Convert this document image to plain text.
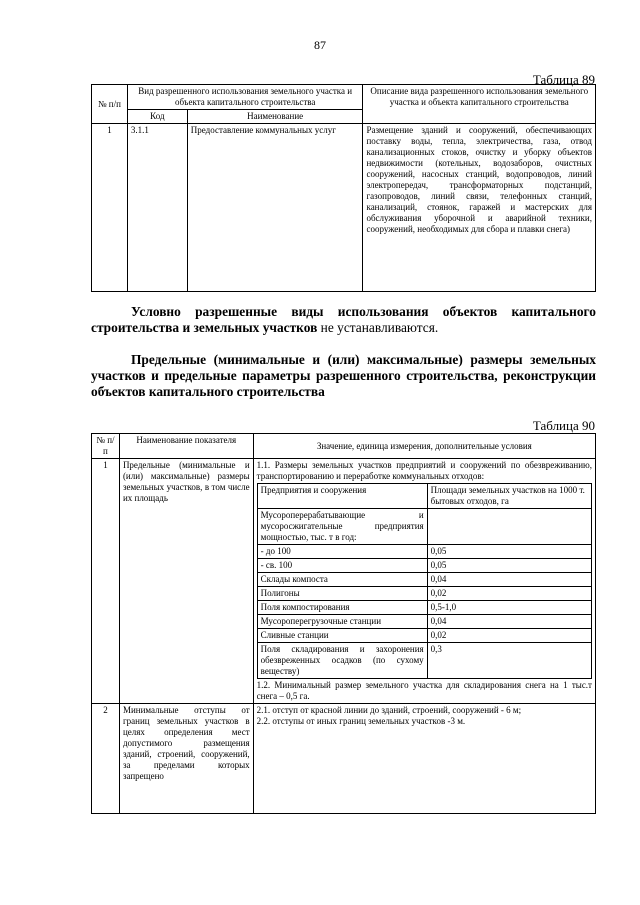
87
Таблица 89
№ п/п	Вид разрешенного использования земельного участка и объекта капитального строительства		Описание вида разрешенного использования земельного участка и объекта капитального строительства
	Код	Наименование	
1	3.1.1	Предоставление коммунальных услуг	Размещение зданий и сооружений, обеспечивающих поставку воды, тепла, электричества, газа, отвод канализационных стоков, очистку и уборку объектов недвижимости (котельных, водозаборов, очистных сооружений, насосных станций, водопроводов, линий электропередач, трансформаторных подстанций, газопроводов, линий связи, телефонных станций, канализаций, стоянок, гаражей и мастерских для обслуживания уборочной и аварийной техники, сооружений, необходимых для сбора и плавки снега)
Условно разрешенные виды использования объектов капитального строительства и земельных участков не устанавливаются.
Предельные (минимальные и (или) максимальные) размеры земельных участков и предельные параметры разрешенного строительства, реконструкции объектов капитального строительства
Таблица 90
№ п/п	Наименование показателя	Значение, единица измерения, дополнительные условия
1	Предельные (минимальные и (или) максимальные) размеры земельных участков, в том числе их площадь	
1.1. Размеры земельных участков предприятий и сооружений по обезвреживанию, транспортированию и переработке коммунальных отходов:
Предприятия и сооружения	Площади земельных участков на 1000 т. бытовых отходов, га
Мусороперерабатывающие и мусоросжигательные предприятия мощностью, тыс. т в год:	
- до 100	0,05
- св. 100	0,05
Склады компоста	0,04
Полигоны	0,02
Поля компостирования	0,5-1,0
Мусороперегрузочные станции	0,04
Сливные станции	0,02
Поля складирования и захоронения обезвреженных осадков (по сухому веществу)	0,3
1.2. Минимальный размер земельного участка для складирования снега на 1 тыс.т снега – 0,5 га.

2	Минимальные отступы от границ земельных участков в целях определения мест допустимого размещения зданий, строений, сооружений, за пределами которых запрещено	
2.1. отступ от красной линии до зданий, строений, сооружений - 6 м;
2.2. отступы от иных границ земельных участков -3 м.
